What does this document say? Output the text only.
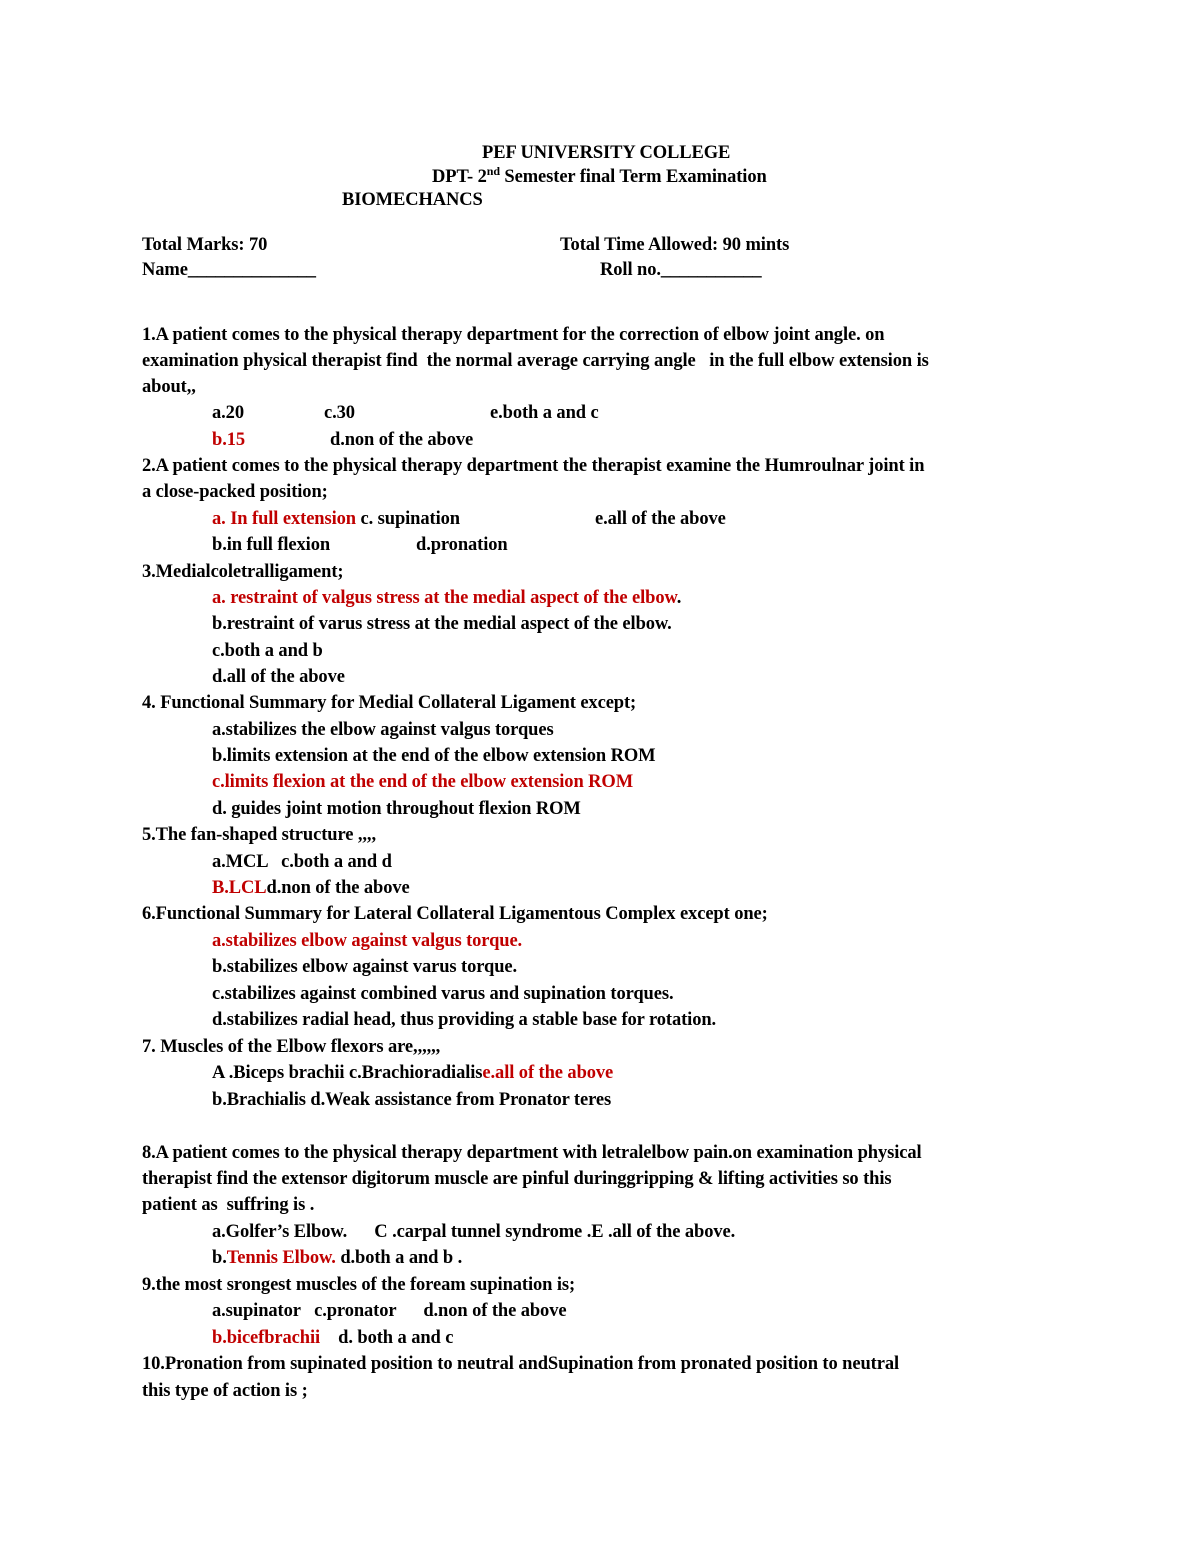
PEF UNIVERSITY COLLEGE
DPT- 2nd Semester final Term Examination
BIOMECHANCS
Total Marks: 70	Total Time Allowed: 90 mints
Name______________	Roll no.___________
1.A patient comes to the physical therapy department for the correction of elbow joint angle. on
examination physical therapist find  the normal average carrying angle   in the full elbow extension is
about,,
a.20	c.30	e.both a and c
b.15	d.non of the above
2.A patient comes to the physical therapy department the therapist examine the Humroulnar joint in
a close-packed position;
a. In full extension c. supination	e.all of the above
b.in full flexion	d.pronation
3.Medialcoletralligament;
a. restraint of valgus stress at the medial aspect of the elbow.
b.restraint of varus stress at the medial aspect of the elbow.
c.both a and b
d.all of the above
4. Functional Summary for Medial Collateral Ligament except;
a.stabilizes the elbow against valgus torques
b.limits extension at the end of the elbow extension ROM
c.limits flexion at the end of the elbow extension ROM
d. guides joint motion throughout flexion ROM
5.The fan-shaped structure ,,,,
a.MCL   c.both a and d
B.LCLd.non of the above
6.Functional Summary for Lateral Collateral Ligamentous Complex except one;
a.stabilizes elbow against valgus torque.
b.stabilizes elbow against varus torque.
c.stabilizes against combined varus and supination torques.
d.stabilizes radial head, thus providing a stable base for rotation.
7. Muscles of the Elbow flexors are,,,,,,
A .Biceps brachii c.Brachioradialise.all of the above
b.Brachialis d.Weak assistance from Pronator teres
8.A patient comes to the physical therapy department with letralelbow pain.on examination physical
therapist find the extensor digitorum muscle are pinful duringgripping & lifting activities so this
patient as  suffring is .
a.Golfer’s Elbow.      C .carpal tunnel syndrome .E .all of the above.
b.Tennis Elbow. d.both a and b .
9.the most srongest muscles of the foream supination is;
a.supinator   c.pronator      d.non of the above
b.bicefbrachii    d. both a and c
10.Pronation from supinated position to neutral andSupination from pronated position to neutral
this type of action is ;
